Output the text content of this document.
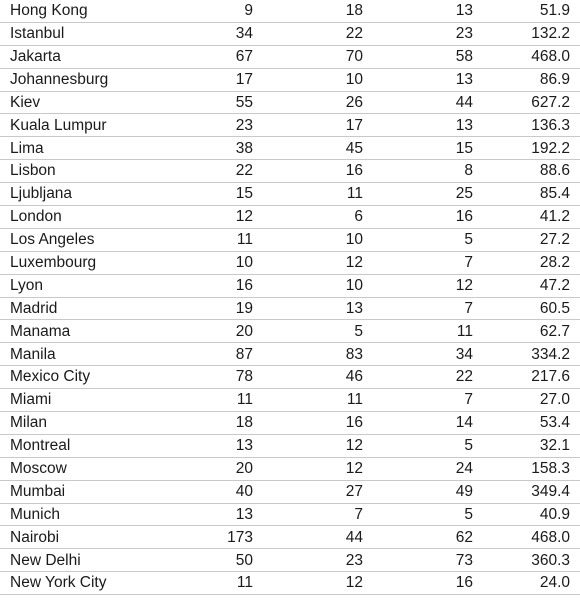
Hong Kong	9	18	13	51.9
Istanbul	34	22	23	132.2
Jakarta	67	70	58	468.0
Johannesburg	17	10	13	86.9
Kiev	55	26	44	627.2
Kuala Lumpur	23	17	13	136.3
Lima	38	45	15	192.2
Lisbon	22	16	8	88.6
Ljubljana	15	11	25	85.4
London	12	6	16	41.2
Los Angeles	11	10	5	27.2
Luxembourg	10	12	7	28.2
Lyon	16	10	12	47.2
Madrid	19	13	7	60.5
Manama	20	5	11	62.7
Manila	87	83	34	334.2
Mexico City	78	46	22	217.6
Miami	11	11	7	27.0
Milan	18	16	14	53.4
Montreal	13	12	5	32.1
Moscow	20	12	24	158.3
Mumbai	40	27	49	349.4
Munich	13	7	5	40.9
Nairobi	173	44	62	468.0
New Delhi	50	23	73	360.3
New York City	11	12	16	24.0
